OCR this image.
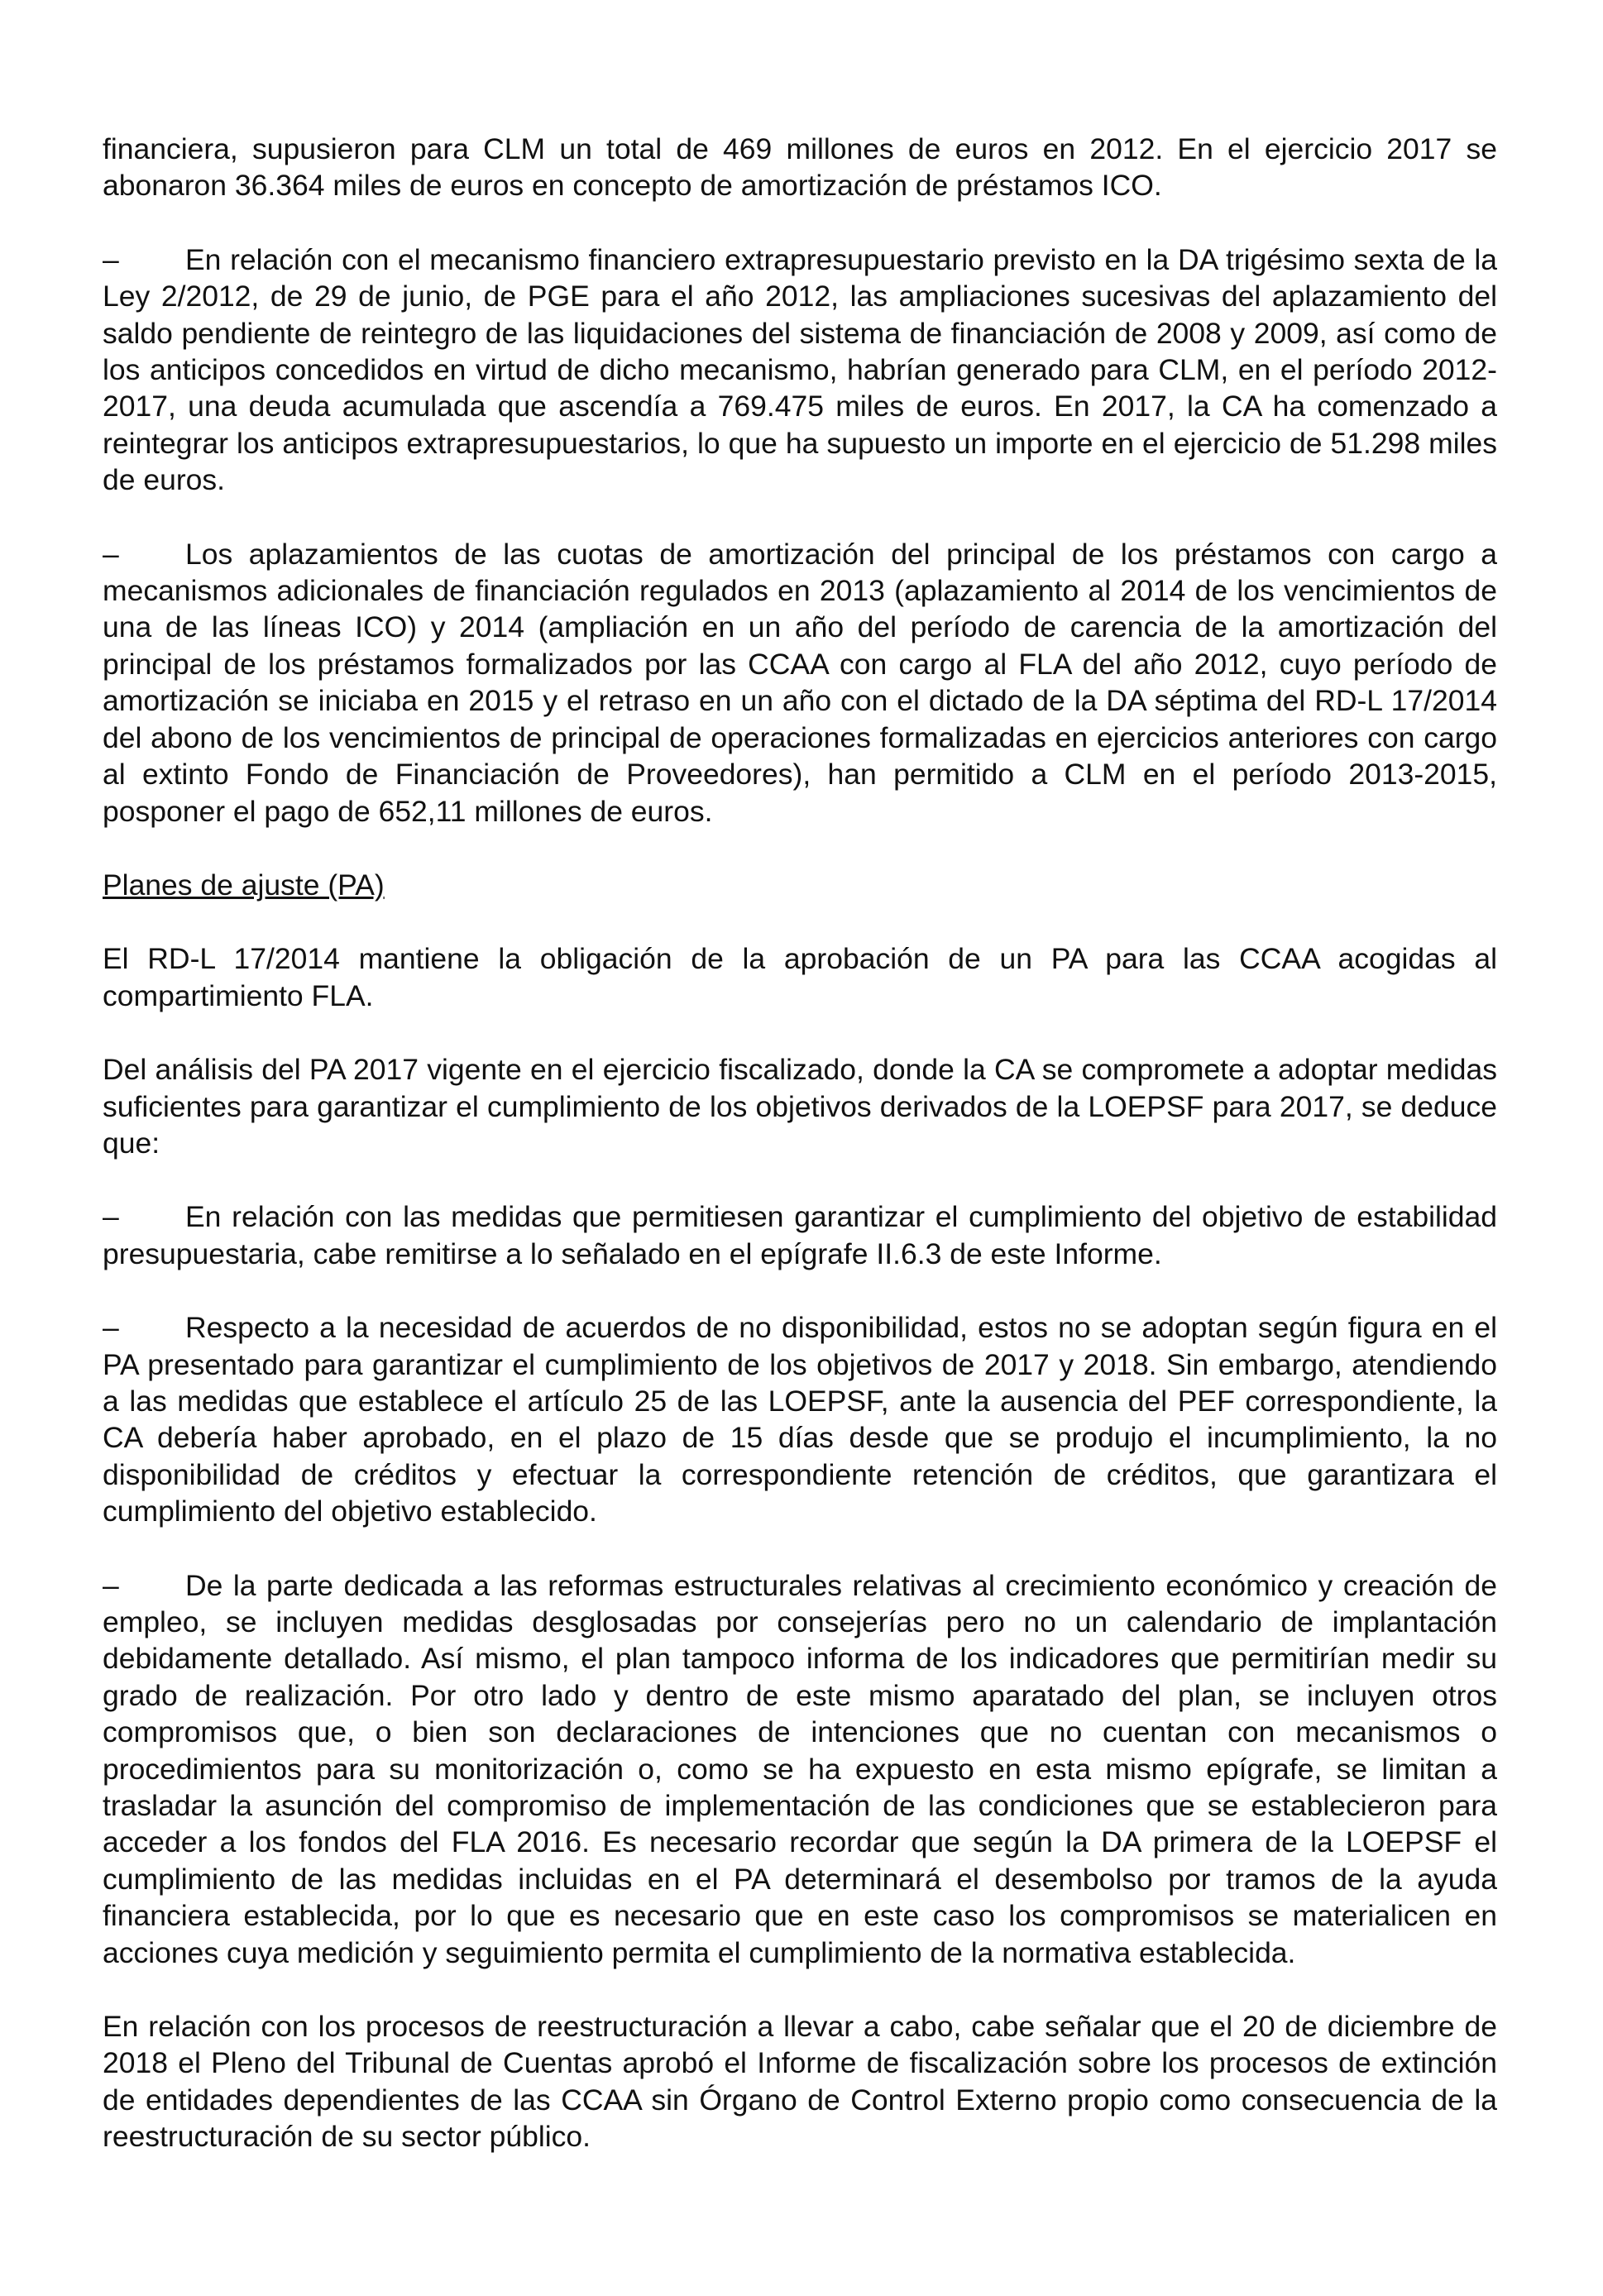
financiera, supusieron para CLM un total de 469 millones de euros en 2012. En el ejercicio 2017 se abonaron 36.364 miles de euros en concepto de amortización de préstamos ICO.

– En relación con el mecanismo financiero extrapresupuestario previsto en la DA trigésimo sexta de la Ley 2/2012, de 29 de junio, de PGE para el año 2012, las ampliaciones sucesivas del aplazamiento del saldo pendiente de reintegro de las liquidaciones del sistema de financiación de 2008 y 2009, así como de los anticipos concedidos en virtud de dicho mecanismo, habrían generado para CLM, en el período 2012-2017, una deuda acumulada que ascendía a 769.475 miles de euros. En 2017, la CA ha comenzado a reintegrar los anticipos extrapresupuestarios, lo que ha supuesto un importe en el ejercicio de 51.298 miles de euros.

– Los aplazamientos de las cuotas de amortización del principal de los préstamos con cargo a mecanismos adicionales de financiación regulados en 2013 (aplazamiento al 2014 de los vencimientos de una de las líneas ICO) y 2014 (ampliación en un año del período de carencia de la amortización del principal de los préstamos formalizados por las CCAA con cargo al FLA del año 2012, cuyo período de amortización se iniciaba en 2015 y el retraso en un año con el dictado de la DA séptima del RD-L 17/2014 del abono de los vencimientos de principal de operaciones formalizadas en ejercicios anteriores con cargo al extinto Fondo de Financiación de Proveedores), han permitido a CLM en el período 2013-2015, posponer el pago de 652,11 millones de euros.

Planes de ajuste (PA)

El RD-L 17/2014 mantiene la obligación de la aprobación de un PA para las CCAA acogidas al compartimiento FLA.

Del análisis del PA 2017 vigente en el ejercicio fiscalizado, donde la CA se compromete a adoptar medidas suficientes para garantizar el cumplimiento de los objetivos derivados de la LOEPSF para 2017, se deduce que:

– En relación con las medidas que permitiesen garantizar el cumplimiento del objetivo de estabilidad presupuestaria, cabe remitirse a lo señalado en el epígrafe II.6.3 de este Informe.

– Respecto a la necesidad de acuerdos de no disponibilidad, estos no se adoptan según figura en el PA presentado para garantizar el cumplimiento de los objetivos de 2017 y 2018. Sin embargo, atendiendo a las medidas que establece el artículo 25 de las LOEPSF, ante la ausencia del PEF correspondiente, la CA debería haber aprobado, en el plazo de 15 días desde que se produjo el incumplimiento, la no disponibilidad de créditos y efectuar la correspondiente retención de créditos, que garantizara el cumplimiento del objetivo establecido.

– De la parte dedicada a las reformas estructurales relativas al crecimiento económico y creación de empleo, se incluyen medidas desglosadas por consejerías pero no un calendario de implantación debidamente detallado. Así mismo, el plan tampoco informa de los indicadores que permitirían medir su grado de realización. Por otro lado y dentro de este mismo aparatado del plan, se incluyen otros compromisos que, o bien son declaraciones de intenciones que no cuentan con mecanismos o procedimientos para su monitorización o, como se ha expuesto en esta mismo epígrafe, se limitan a trasladar la asunción del compromiso de implementación de las condiciones que se establecieron para acceder a los fondos del FLA 2016. Es necesario recordar que según la DA primera de la LOEPSF el cumplimiento de las medidas incluidas en el PA determinará el desembolso por tramos de la ayuda financiera establecida, por lo que es necesario que en este caso los compromisos se materialicen en acciones cuya medición y seguimiento permita el cumplimiento de la normativa establecida.

En relación con los procesos de reestructuración a llevar a cabo, cabe señalar que el 20 de diciembre de 2018 el Pleno del Tribunal de Cuentas aprobó el Informe de fiscalización sobre los procesos de extinción de entidades dependientes de las CCAA sin Órgano de Control Externo propio como consecuencia de la reestructuración de su sector público.
